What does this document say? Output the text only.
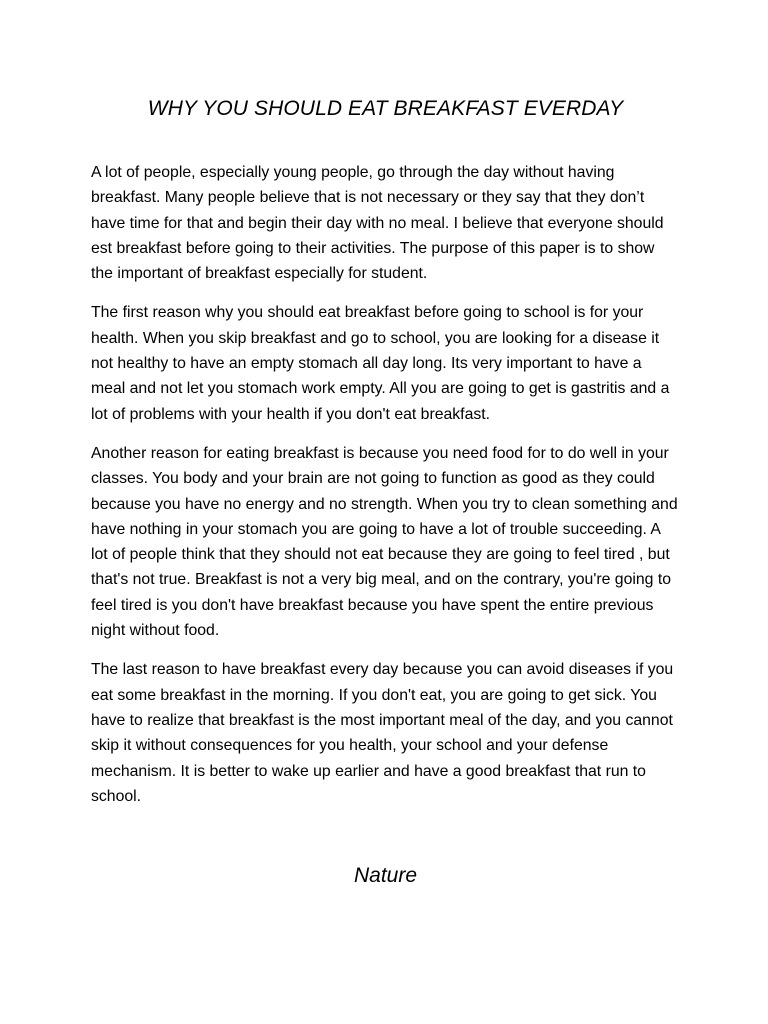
WHY YOU SHOULD EAT BREAKFAST EVERDAY

A lot of people, especially young people, go through the day without having breakfast. Many people believe that is not necessary or they say that they don’t have time for that and begin their day with no meal. I believe that everyone should est breakfast before going to their activities. The purpose of this paper is to show the important of breakfast especially for student.

The first reason why you should eat breakfast before going to school is for your health. When you skip breakfast and go to school, you are looking for a disease it not healthy to have an empty stomach all day long. Its very important to have a meal and not let you stomach work empty. All you are going to get is gastritis and a lot of problems with your health if you don't eat breakfast.

Another reason for eating breakfast is because you need food for to do well in your classes. You body and your brain are not going to function as good as they could because you have no energy and no strength. When you try to clean something and have nothing in your stomach you are going to have a lot of trouble succeeding. A lot of people think that they should not eat because they are going to feel tired , but that's not true. Breakfast is not a very big meal, and on the contrary, you're going to feel tired is you don't have breakfast because you have spent the entire previous night without food.

The last reason to have breakfast every day because you can avoid diseases if you eat some breakfast in the morning. If you don't eat, you are going to get sick. You have to realize that breakfast is the most important meal of the day, and you cannot skip it without consequences for you health, your school and your defense mechanism. It is better to wake up earlier and have a good breakfast that run to school.

Nature
